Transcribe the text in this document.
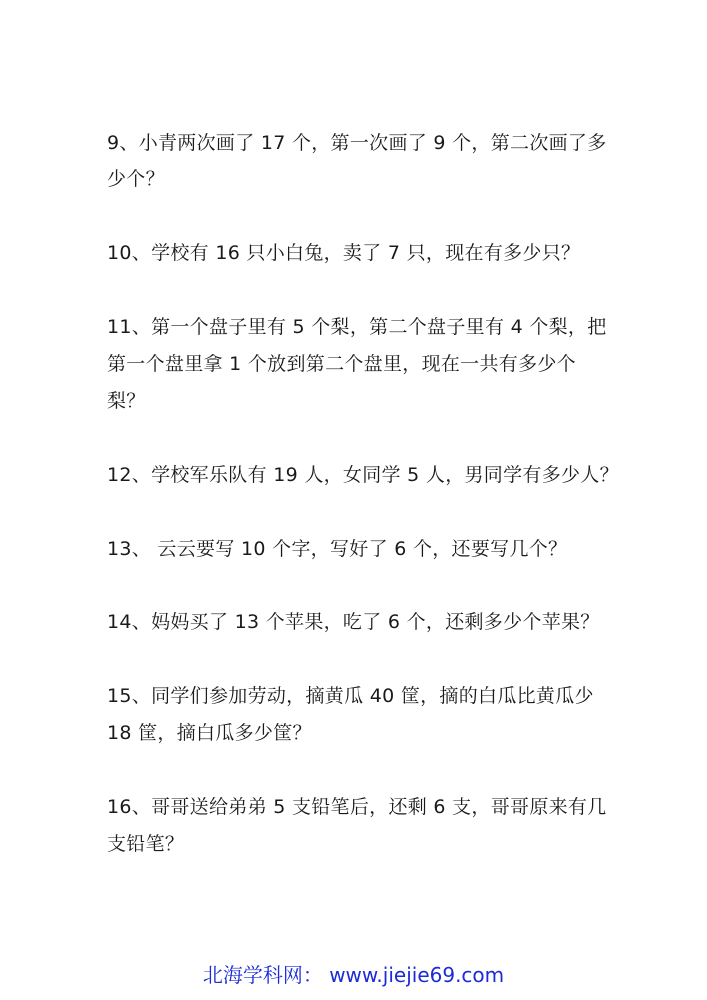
9、小青两次画了 17 个，第一次画了 9 个，第二次画了多
少个？
10、学校有 16 只小白兔，卖了 7 只，现在有多少只？
11、第一个盘子里有 5 个梨，第二个盘子里有 4 个梨，把
第一个盘里拿 1 个放到第二个盘里，现在一共有多少个
梨？
12、学校军乐队有 19 人，女同学 5 人，男同学有多少人？
13、 云云要写 10 个字，写好了 6 个，还要写几个？
14、妈妈买了 13 个苹果，吃了 6 个，还剩多少个苹果？
15、同学们参加劳动，摘黄瓜 40 筐，摘的白瓜比黄瓜少
18 筐，摘白瓜多少筐？
16、哥哥送给弟弟 5 支铅笔后，还剩 6 支，哥哥原来有几
支铅笔？
北海学科网： www.jiejie69.com
